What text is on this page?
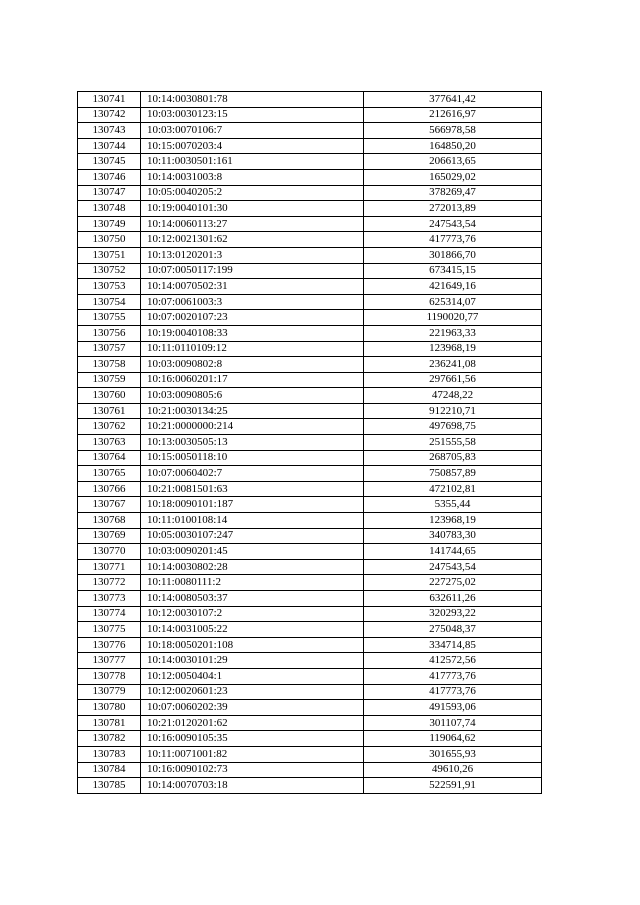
130741	10:14:0030801:78	377641,42
130742	10:03:0030123:15	212616,97
130743	10:03:0070106:7	566978,58
130744	10:15:0070203:4	164850,20
130745	10:11:0030501:161	206613,65
130746	10:14:0031003:8	165029,02
130747	10:05:0040205:2	378269,47
130748	10:19:0040101:30	272013,89
130749	10:14:0060113:27	247543,54
130750	10:12:0021301:62	417773,76
130751	10:13:0120201:3	301866,70
130752	10:07:0050117:199	673415,15
130753	10:14:0070502:31	421649,16
130754	10:07:0061003:3	625314,07
130755	10:07:0020107:23	1190020,77
130756	10:19:0040108:33	221963,33
130757	10:11:0110109:12	123968,19
130758	10:03:0090802:8	236241,08
130759	10:16:0060201:17	297661,56
130760	10:03:0090805:6	47248,22
130761	10:21:0030134:25	912210,71
130762	10:21:0000000:214	497698,75
130763	10:13:0030505:13	251555,58
130764	10:15:0050118:10	268705,83
130765	10:07:0060402:7	750857,89
130766	10:21:0081501:63	472102,81
130767	10:18:0090101:187	5355,44
130768	10:11:0100108:14	123968,19
130769	10:05:0030107:247	340783,30
130770	10:03:0090201:45	141744,65
130771	10:14:0030802:28	247543,54
130772	10:11:0080111:2	227275,02
130773	10:14:0080503:37	632611,26
130774	10:12:0030107:2	320293,22
130775	10:14:0031005:22	275048,37
130776	10:18:0050201:108	334714,85
130777	10:14:0030101:29	412572,56
130778	10:12:0050404:1	417773,76
130779	10:12:0020601:23	417773,76
130780	10:07:0060202:39	491593,06
130781	10:21:0120201:62	301107,74
130782	10:16:0090105:35	119064,62
130783	10:11:0071001:82	301655,93
130784	10:16:0090102:73	49610,26
130785	10:14:0070703:18	522591,91
